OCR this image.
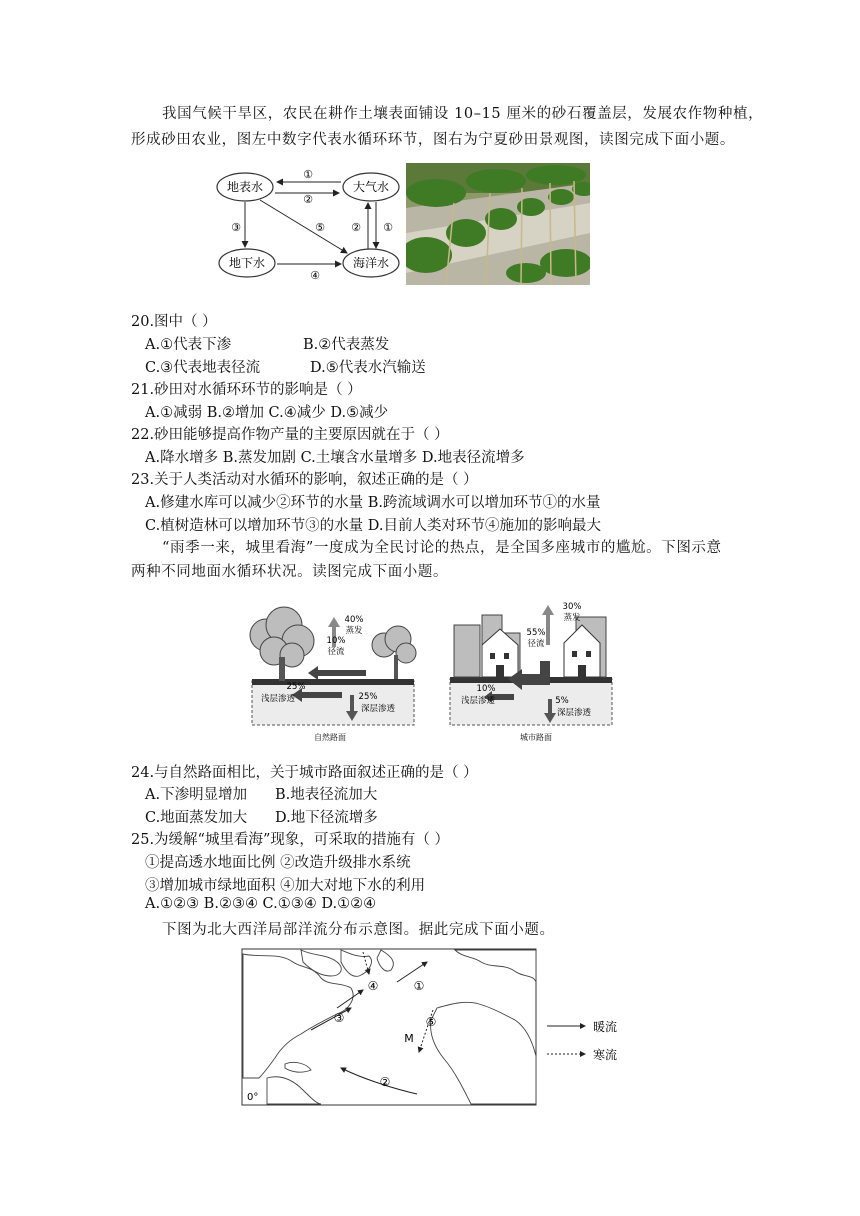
我国气候干旱区，农民在耕作土壤表面铺设 10–15 厘米的砂石覆盖层，发展农作物种植，
形成砂田农业，图左中数字代表水循环环节，图右为宁夏砂田景观图，读图完成下面小题。
地表水	大气水
地下水	海洋水
①
②
③	⑤ ② ①
④
20.图中（ ）
A.①代表下渗	B.②代表蒸发
C.③代表地表径流	D.⑤代表水汽输送
21.砂田对水循环环节的影响是（ ）
A.①减弱 B.②增加 C.④减少 D.⑤减少
22.砂田能够提高作物产量的主要原因就在于（ ）
A.降水增多 B.蒸发加剧 C.土壤含水量增多 D.地表径流增多
23.关于人类活动对水循环的影响，叙述正确的是（ ）
A.修建水库可以减少②环节的水量 B.跨流域调水可以增加环节①的水量
C.植树造林可以增加环节③的水量 D.目前人类对环节④施加的影响最大
“雨季一来，城里看海”一度成为全民讨论的热点，是全国多座城市的尴尬。下图示意
两种不同地面水循环状况。读图完成下面小题。
40%
蒸发
10%
径流
25%
浅层渗透	25%
深层渗透
自然路面
30%
蒸发
55%
径流
10%
浅层渗透	5%
深层渗透
城市路面
24.与自然路面相比，关于城市路面叙述正确的是（ ）
A.下渗明显增加 B.地表径流加大
C.地面蒸发加大 D.地下径流增多
25.为缓解“城里看海”现象，可采取的措施有（ ）
①提高透水地面比例 ②改造升级排水系统
③增加城市绿地面积 ④加大对地下水的利用
A.①②③ B.②③④ C.①③④ D.①②④
下图为北大西洋局部洋流分布示意图。据此完成下面小题。
①
②
③
④
⑤
M
0°
暖流
寒流
